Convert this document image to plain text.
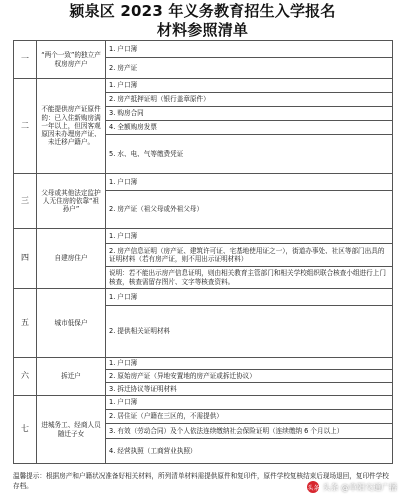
颍泉区 2023 年义务教育招生入学报名
材料参照清单
一	“两个一致”的独立产权房房产户	1. 户口簿
		2. 房产证
二	不能提供房产证原件的：已入住新购房满一年以上，但因客观原因未办理房产证、未迁移户籍户。	1. 户口簿
		2. 房产抵押证明（银行盖章原件）
		3. 购房合同
		4. 全额购房发票
		5. 水、电、气等缴费凭证
三	父母或其他法定监护人无住房的依靠“祖孙户”	1. 户口簿
		2. 房产证（祖父母或外祖父母）
四	自建房住户	1. 户口簿
		2. 房产信息证明（房产证、建筑许可证、宅基地使用证之一），街道办事处、社区等部门出具的证明材料（若有房产证，则不用出示证明材料）
		说明：若不能出示房产信息证明，则由相关教育主管部门和相关学校组织联合核查小组进行上门核查，核查需留存图片、文字等核查资料。
五	城市低保户	1. 户口簿
		2. 提供相关证明材料
六	拆迁户	1. 户口簿
		2. 原始房产证（异地安置地的房产证或拆迁协议）
		3. 拆迁协议等证明材料
七	进城务工、经商人员随迁子女	1. 户口簿
		2. 居住证（户籍在三区的，不需提供）
		3. 有效（劳动合同）及个人依法连续缴纳社会保险证明（连续缴纳 6 个月以上）
		4. 经营执照（工商营业执照）
温馨提示：根据房产和户籍状况准备好相关材料，所列清单材料需提供原件和复印件，原件学校复核结束后现场退回，复印件学校存档。	头条 头条 @阜阳交通广播
